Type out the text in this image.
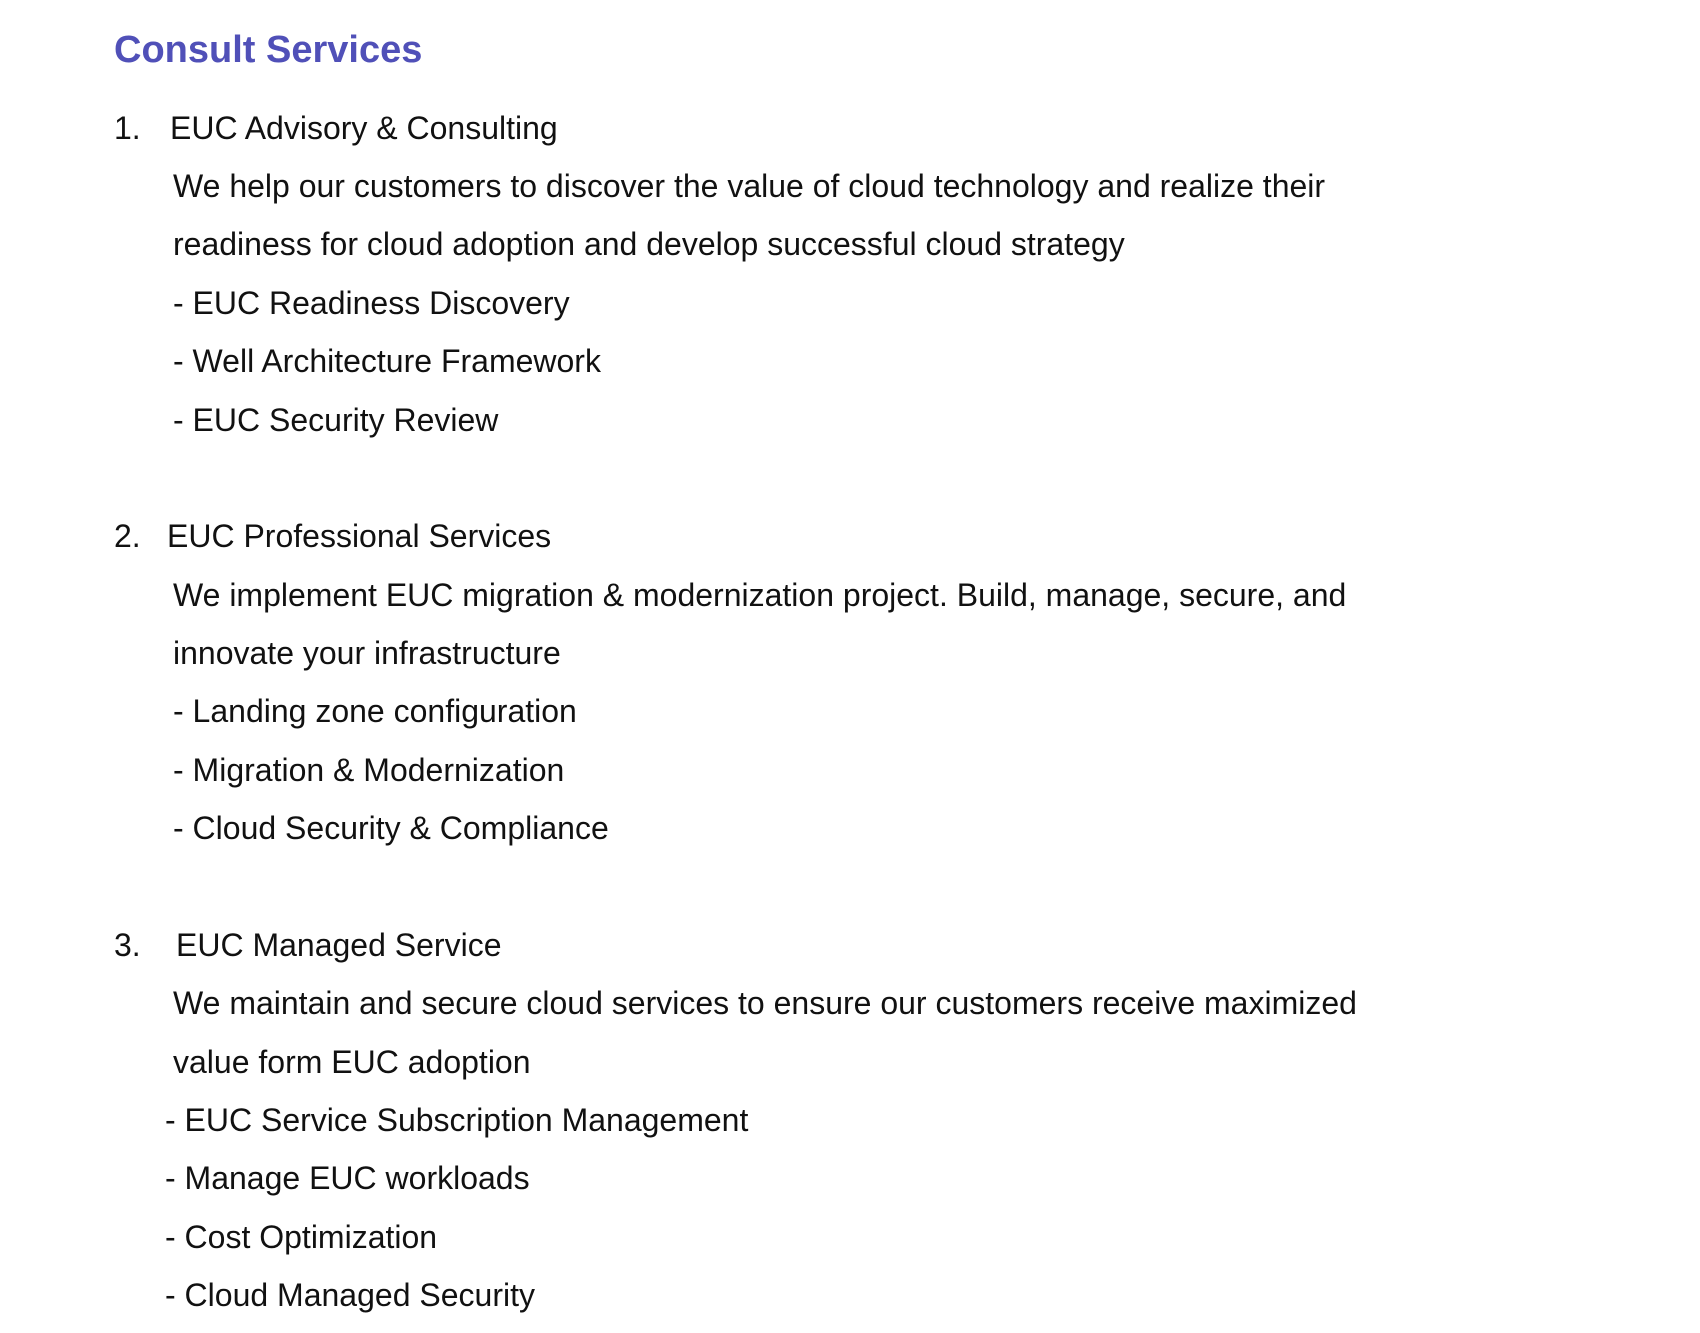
Consult Services
1. EUC Advisory & Consulting
We help our customers to discover the value of cloud technology and realize their
readiness for cloud adoption and develop successful cloud strategy
- EUC Readiness Discovery
- Well Architecture Framework
- EUC Security Review
2. EUC Professional Services
We implement EUC migration & modernization project. Build, manage, secure, and
innovate your infrastructure
- Landing zone configuration
- Migration & Modernization
- Cloud Security & Compliance
3. EUC Managed Service
We maintain and secure cloud services to ensure our customers receive maximized
value form EUC adoption
- EUC Service Subscription Management
- Manage EUC workloads
- Cost Optimization
- Cloud Managed Security
